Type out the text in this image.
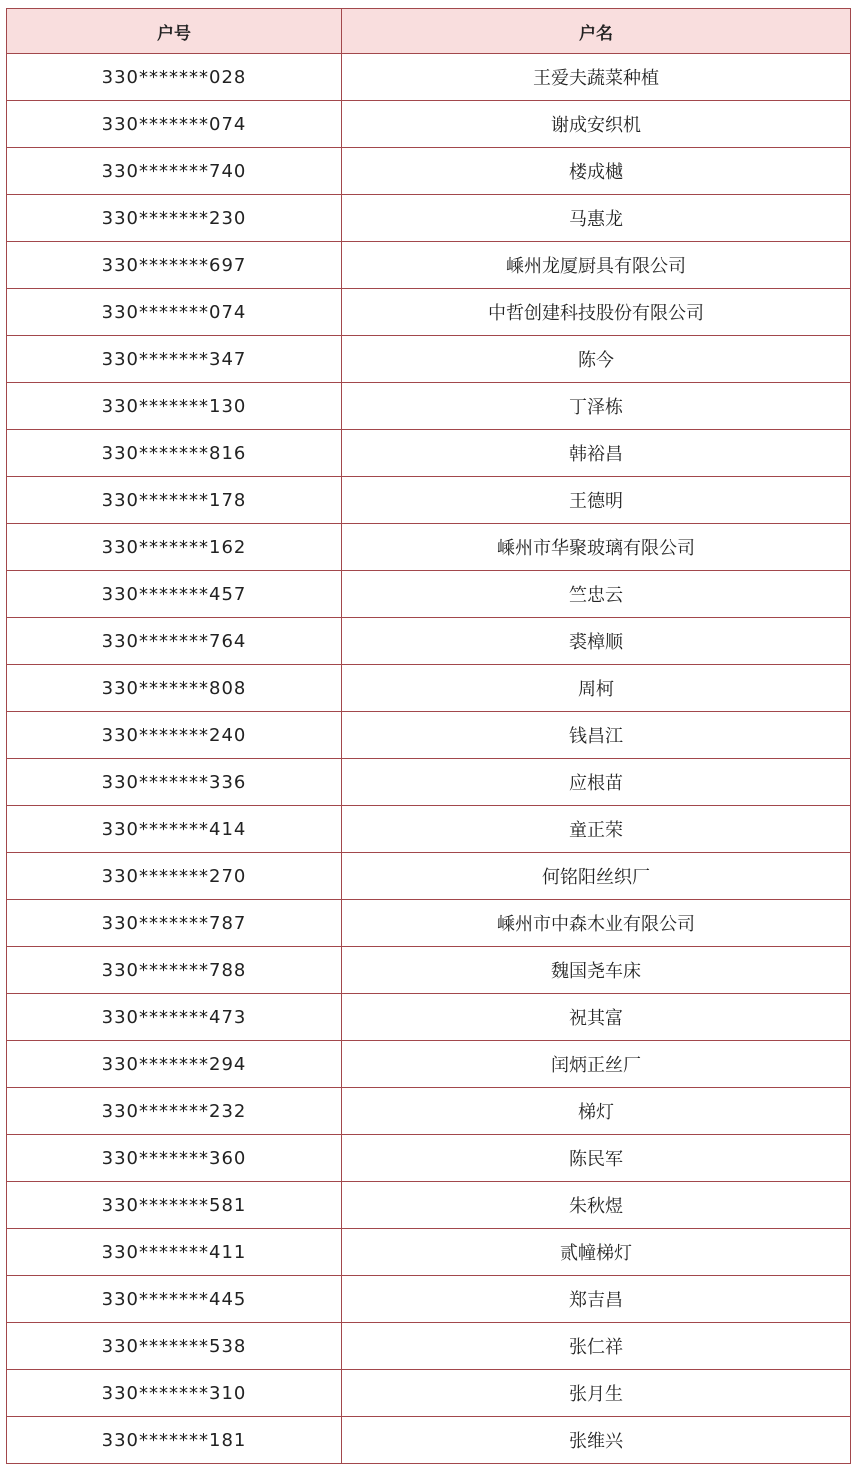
户号	户名
330*******028	王爱夫蔬菜种植
330*******074	谢成安织机
330*******740	楼成樾
330*******230	马惠龙
330*******697	嵊州龙厦厨具有限公司
330*******074	中哲创建科技股份有限公司
330*******347	陈今
330*******130	丁泽栋
330*******816	韩裕昌
330*******178	王德明
330*******162	嵊州市华聚玻璃有限公司
330*******457	竺忠云
330*******764	裘樟顺
330*******808	周柯
330*******240	钱昌江
330*******336	应根苗
330*******414	童正荣
330*******270	何铭阳丝织厂
330*******787	嵊州市中森木业有限公司
330*******788	魏国尧车床
330*******473	祝其富
330*******294	闰炳正丝厂
330*******232	梯灯
330*******360	陈民军
330*******581	朱秋煜
330*******411	贰幢梯灯
330*******445	郑吉昌
330*******538	张仁祥
330*******310	张月生
330*******181	张维兴
